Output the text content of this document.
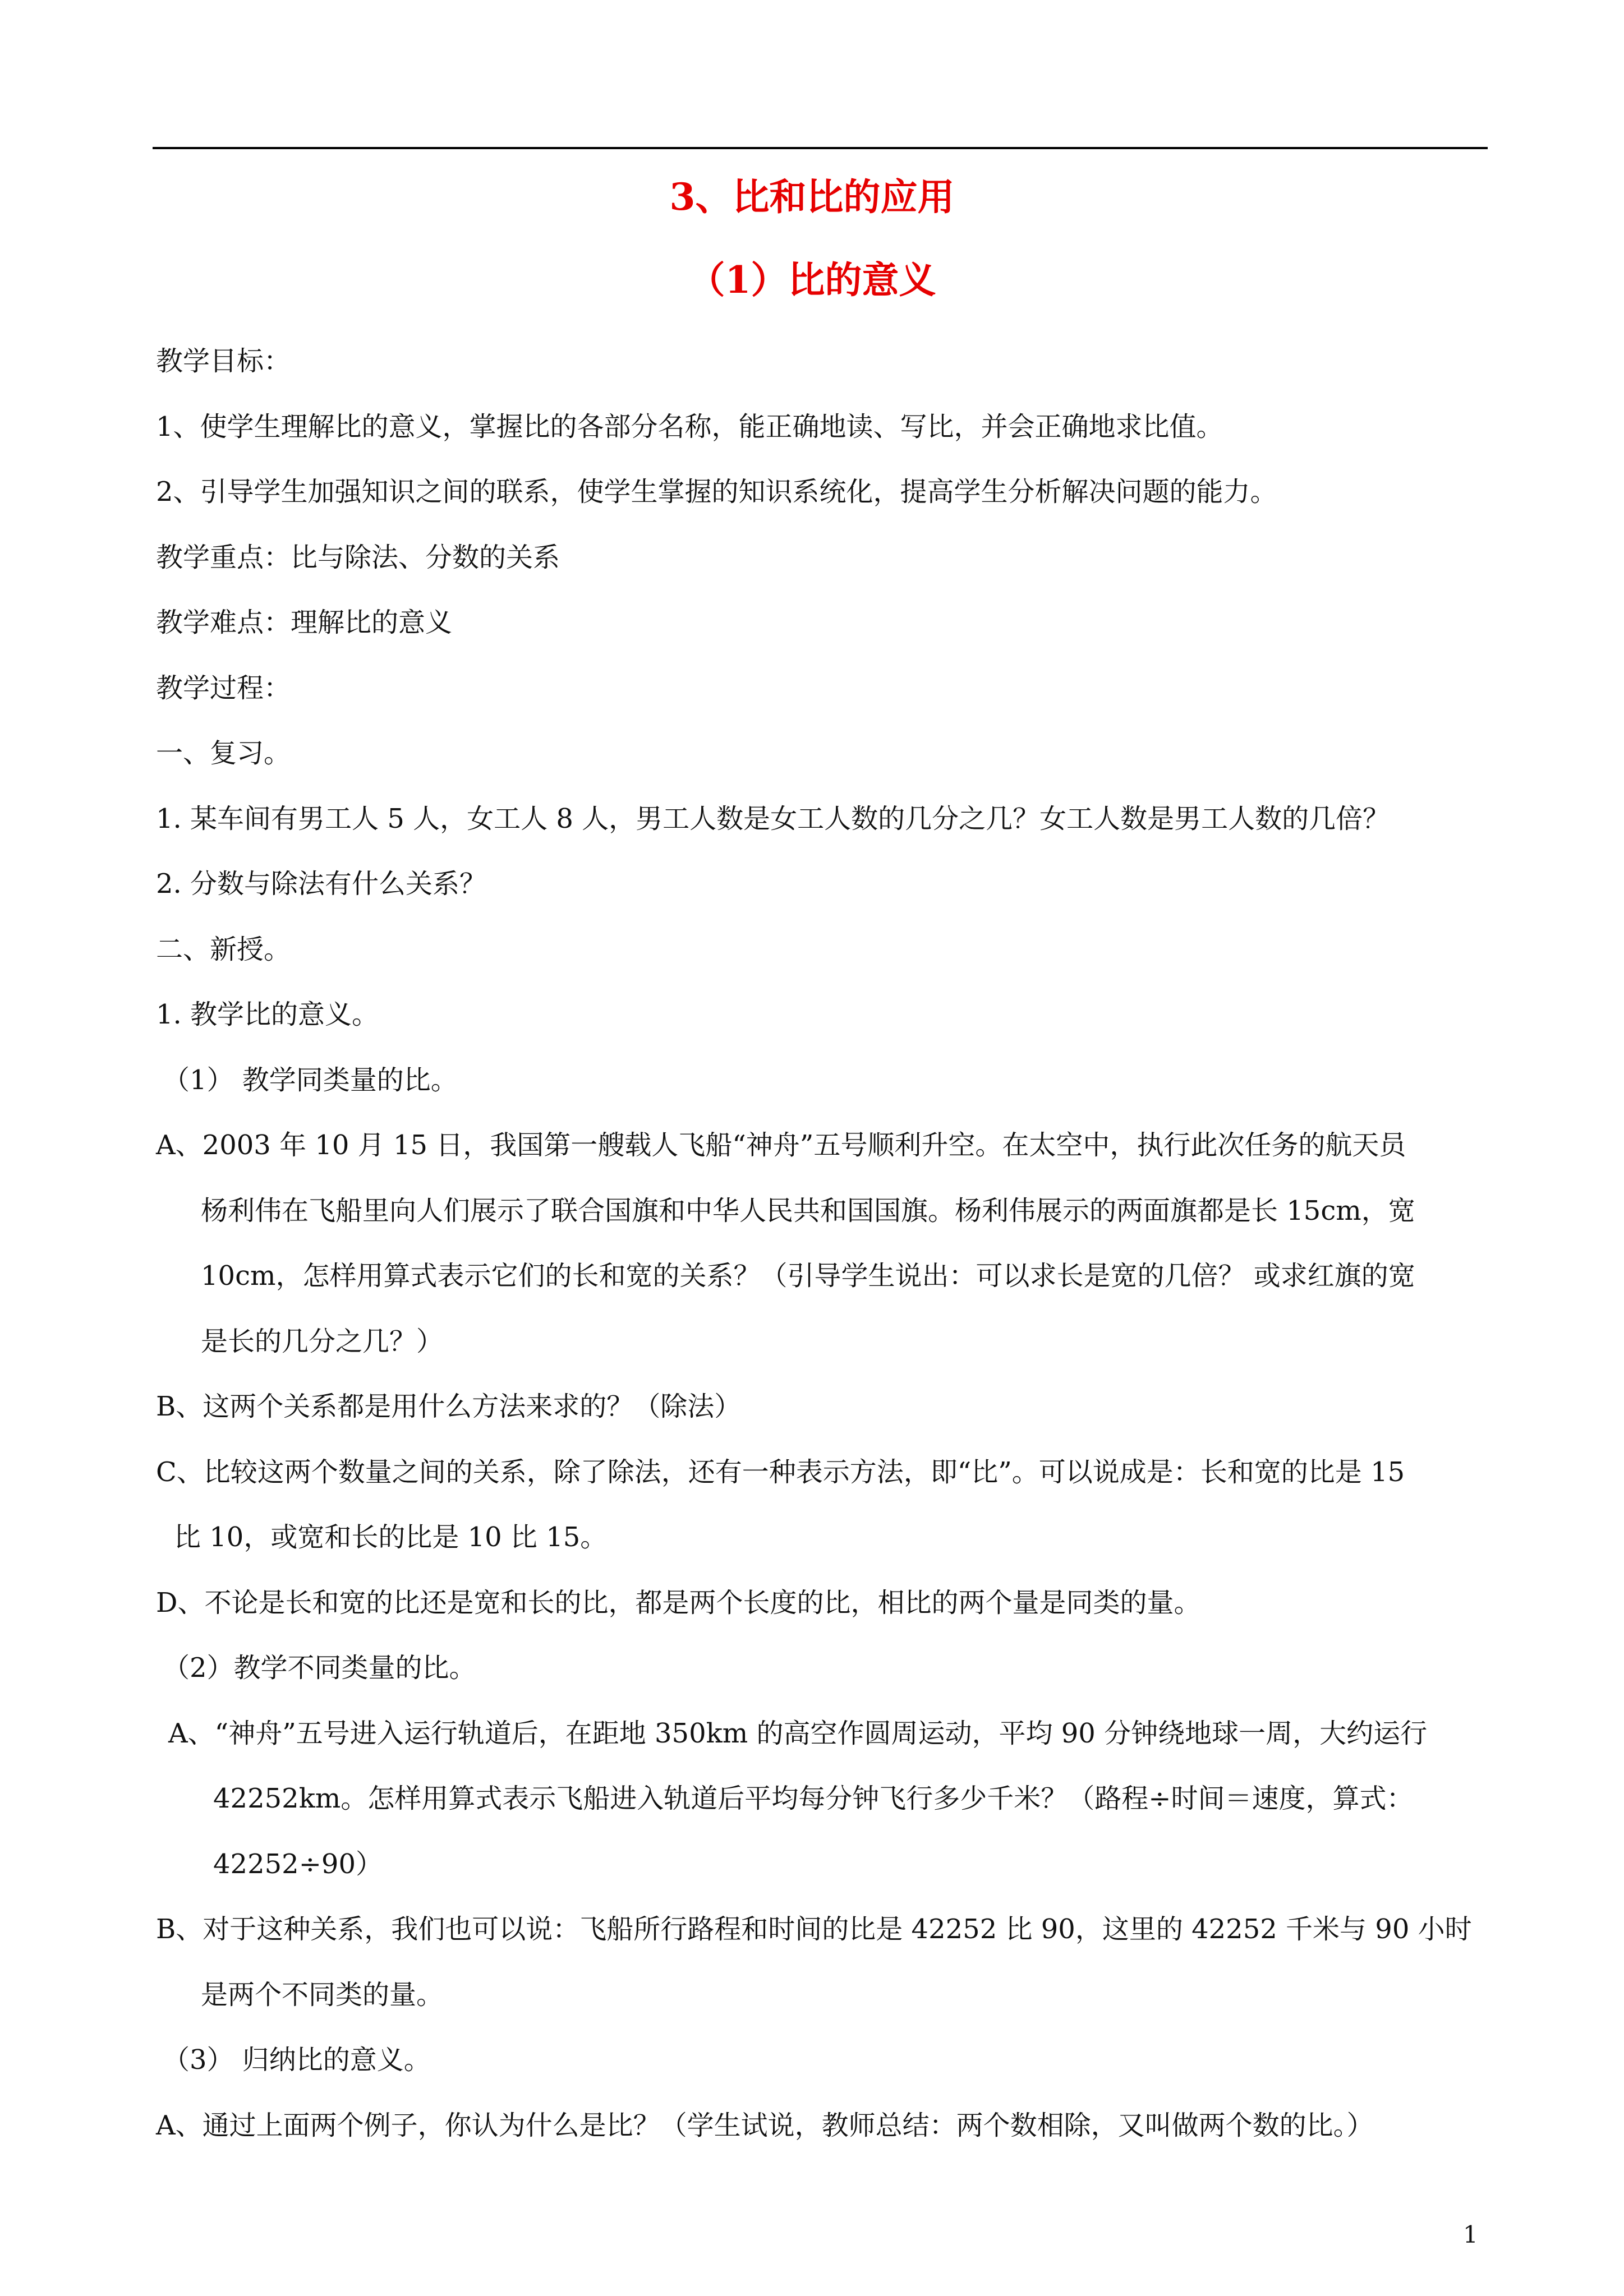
3、比和比的应用
（1）比的意义
教学目标：
1、使学生理解比的意义，掌握比的各部分名称，能正确地读、写比，并会正确地求比值。
2、引导学生加强知识之间的联系，使学生掌握的知识系统化，提高学生分析解决问题的能力。
教学重点：比与除法、分数的关系
教学难点：理解比的意义
教学过程：
一、复习。
1. 某车间有男工人 5 人，女工人 8 人，男工人数是女工人数的几分之几？女工人数是男工人数的几倍？
2. 分数与除法有什么关系？
二、新授。
1. 教学比的意义。
（1） 教学同类量的比。
A、2003 年 10 月 15 日，我国第一艘载人飞船“神舟”五号顺利升空。在太空中，执行此次任务的航天员
杨利伟在飞船里向人们展示了联合国旗和中华人民共和国国旗。杨利伟展示的两面旗都是长 15cm，宽
10cm，怎样用算式表示它们的长和宽的关系？（引导学生说出：可以求长是宽的几倍？ 或求红旗的宽
是长的几分之几？）
B、这两个关系都是用什么方法来求的？（除法）
C、比较这两个数量之间的关系，除了除法，还有一种表示方法，即“比”。可以说成是：长和宽的比是 15
比 10，或宽和长的比是 10 比 15。
D、不论是长和宽的比还是宽和长的比，都是两个长度的比，相比的两个量是同类的量。
（2）教学不同类量的比。
A、“神舟”五号进入运行轨道后，在距地 350km 的高空作圆周运动，平均 90 分钟绕地球一周，大约运行
42252km。怎样用算式表示飞船进入轨道后平均每分钟飞行多少千米？（路程÷时间＝速度，算式：
42252÷90）
B、对于这种关系，我们也可以说：飞船所行路程和时间的比是 42252 比 90，这里的 42252 千米与 90 小时
是两个不同类的量。
（3） 归纳比的意义。
A、通过上面两个例子，你认为什么是比？（学生试说，教师总结：两个数相除，又叫做两个数的比。）
1
